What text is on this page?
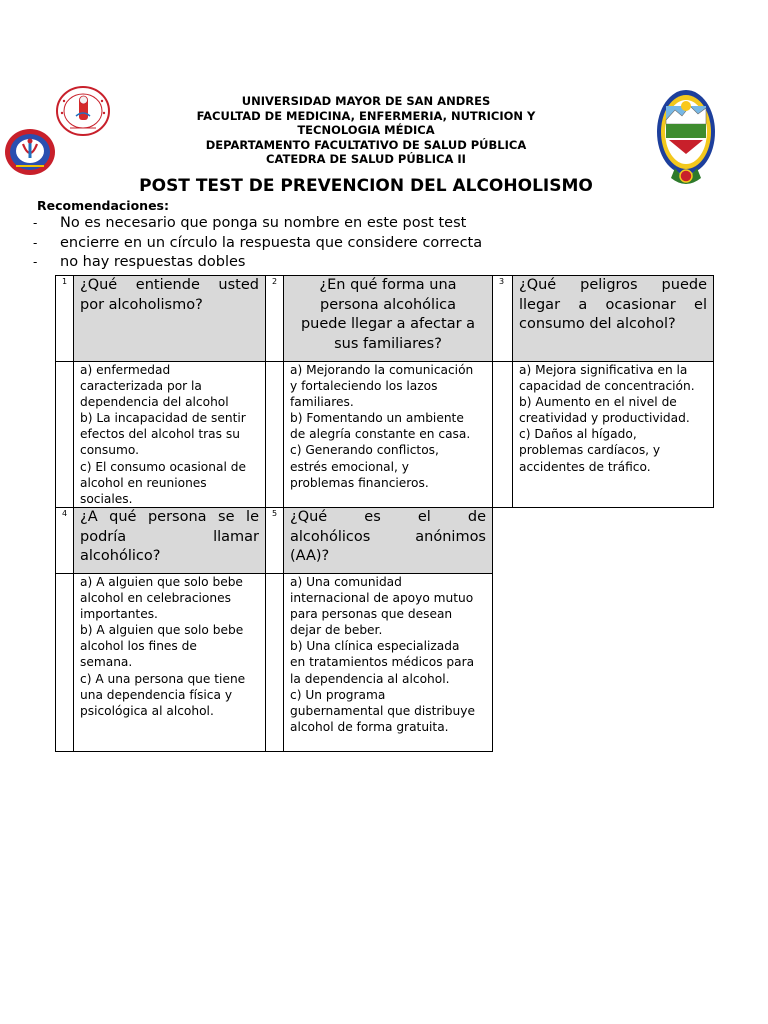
UNIVERSIDAD MAYOR DE SAN ANDRES
FACULTAD DE MEDICINA, ENFERMERIA, NUTRICION Y
TECNOLOGIA MÉDICA
DEPARTAMENTO FACULTATIVO DE SALUD PÚBLICA
CATEDRA DE SALUD PÚBLICA II
POST TEST DE PREVENCION DEL ALCOHOLISMO
Recomendaciones:
- No es necesario que ponga su nombre en este post test
- encierre en un círculo la respuesta que considere correcta
- no hay respuestas dobles
1 ¿Qué entiende usted
por alcoholismo?
2	¿En qué forma una
persona alcohólica
puede llegar a afectar a
sus familiares?
3	¿Qué peligros puede
llegar a ocasionar el
consumo del alcohol?
a) enfermedad
caracterizada por la
dependencia del alcohol
b) La incapacidad de sentir
efectos del alcohol tras su
consumo.
c) El consumo ocasional de
alcohol en reuniones
sociales.
a) Mejorando la comunicación
y fortaleciendo los lazos
familiares.
b) Fomentando un ambiente
de alegría constante en casa.
c) Generando conflictos,
estrés emocional, y
problemas financieros.
a) Mejora significativa en la
capacidad de concentración.
b) Aumento en el nivel de
creatividad y productividad.
c) Daños al hígado,
problemas cardíacos, y
accidentes de tráfico.
4 ¿A qué persona se le
podría llamar
alcohólico?
5 ¿Qué es el de
alcohólicos anónimos
(AA)?
a) A alguien que solo bebe
alcohol en celebraciones
importantes.
b) A alguien que solo bebe
alcohol los fines de
semana.
c) A una persona que tiene
una dependencia física y
psicológica al alcohol.
a) Una comunidad
internacional de apoyo mutuo
para personas que desean
dejar de beber.
b) Una clínica especializada
en tratamientos médicos para
la dependencia al alcohol.
c) Un programa
gubernamental que distribuye
alcohol de forma gratuita.
